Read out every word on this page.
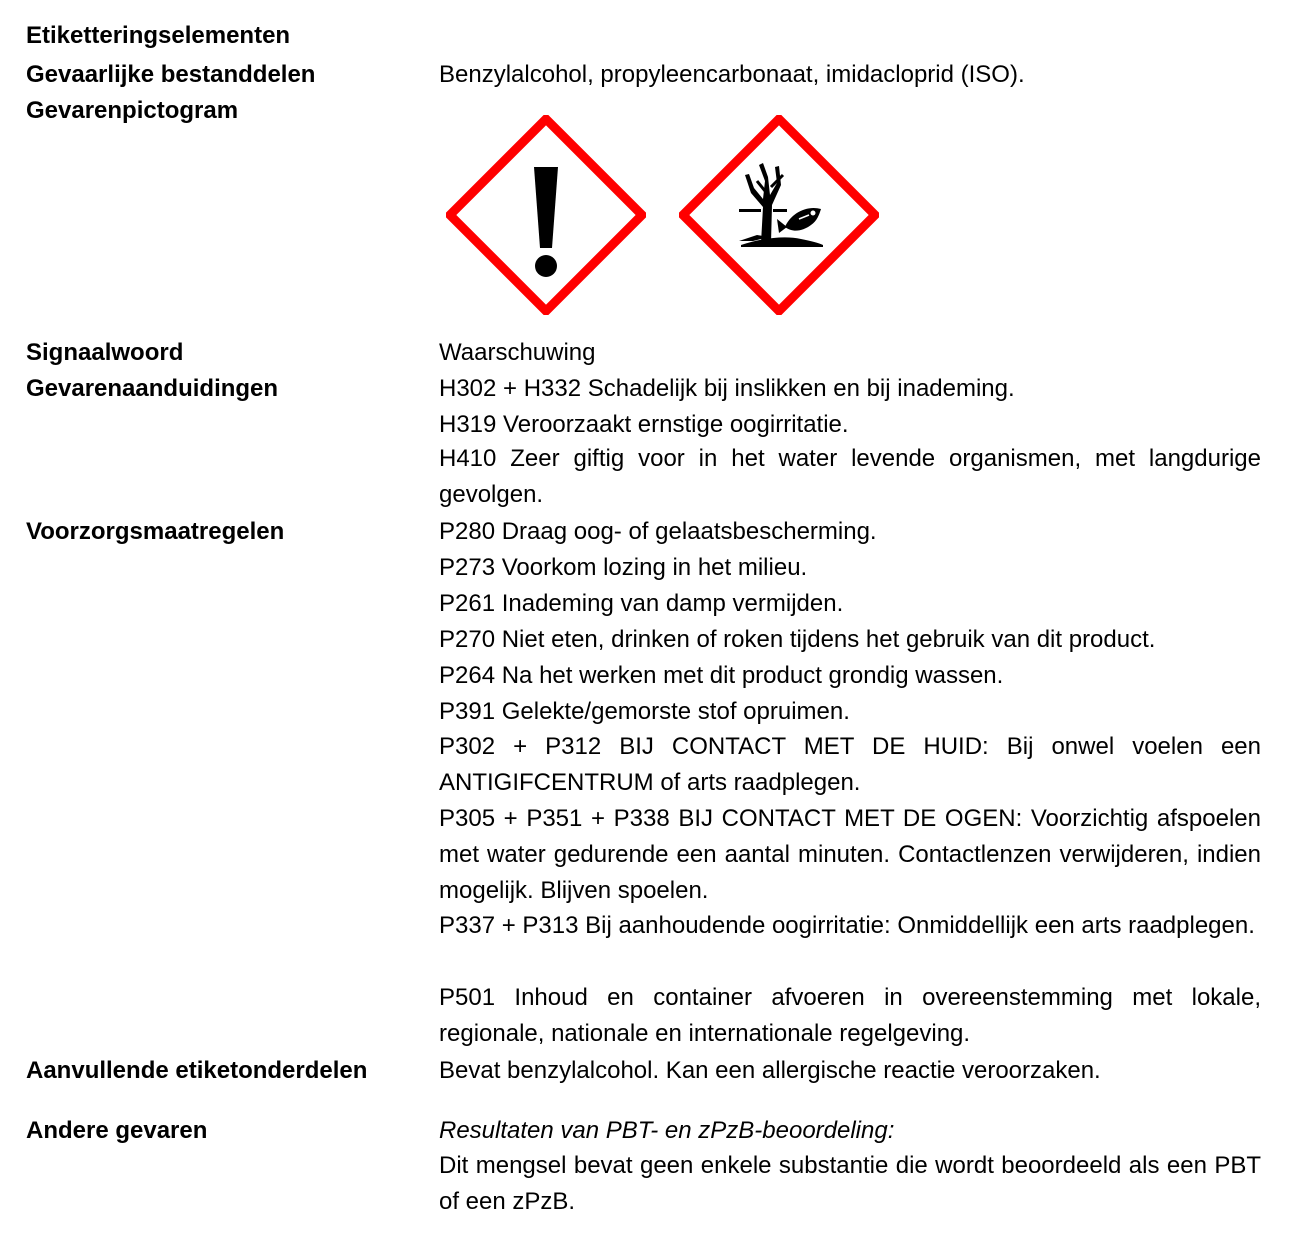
Etiketteringselementen
Gevaarlijke bestanddelen	Benzylalcohol, propyleencarbonaat, imidacloprid (ISO).
Gevarenpictogram
Signaalwoord	Waarschuwing
Gevarenaanduidingen	H302 + H332 Schadelijk bij inslikken en bij inademing.
H319 Veroorzaakt ernstige oogirritatie.
H410 Zeer giftig voor in het water levende organismen, met langdurige gevolgen.
Voorzorgsmaatregelen	P280 Draag oog- of gelaatsbescherming.
P273 Voorkom lozing in het milieu.
P261 Inademing van damp vermijden.
P270 Niet eten, drinken of roken tijdens het gebruik van dit product.
P264 Na het werken met dit product grondig wassen.
P391 Gelekte/gemorste stof opruimen.
P302 + P312 BIJ CONTACT MET DE HUID: Bij onwel voelen een ANTIGIFCENTRUM of arts raadplegen.
P305 + P351 + P338 BIJ CONTACT MET DE OGEN: Voorzichtig afspoelen met water gedurende een aantal minuten. Contactlenzen verwijderen, indien mogelijk. Blijven spoelen.
P337 + P313 Bij aanhoudende oogirritatie: Onmiddellijk een arts raadplegen.
P501 Inhoud en container afvoeren in overeenstemming met lokale, regionale, nationale en internationale regelgeving.
Aanvullende etiketonderdelen	Bevat benzylalcohol. Kan een allergische reactie veroorzaken.
Andere gevaren	Resultaten van PBT- en zPzB-beoordeling:
Dit mengsel bevat geen enkele substantie die wordt beoordeeld als een PBT of een zPzB.
